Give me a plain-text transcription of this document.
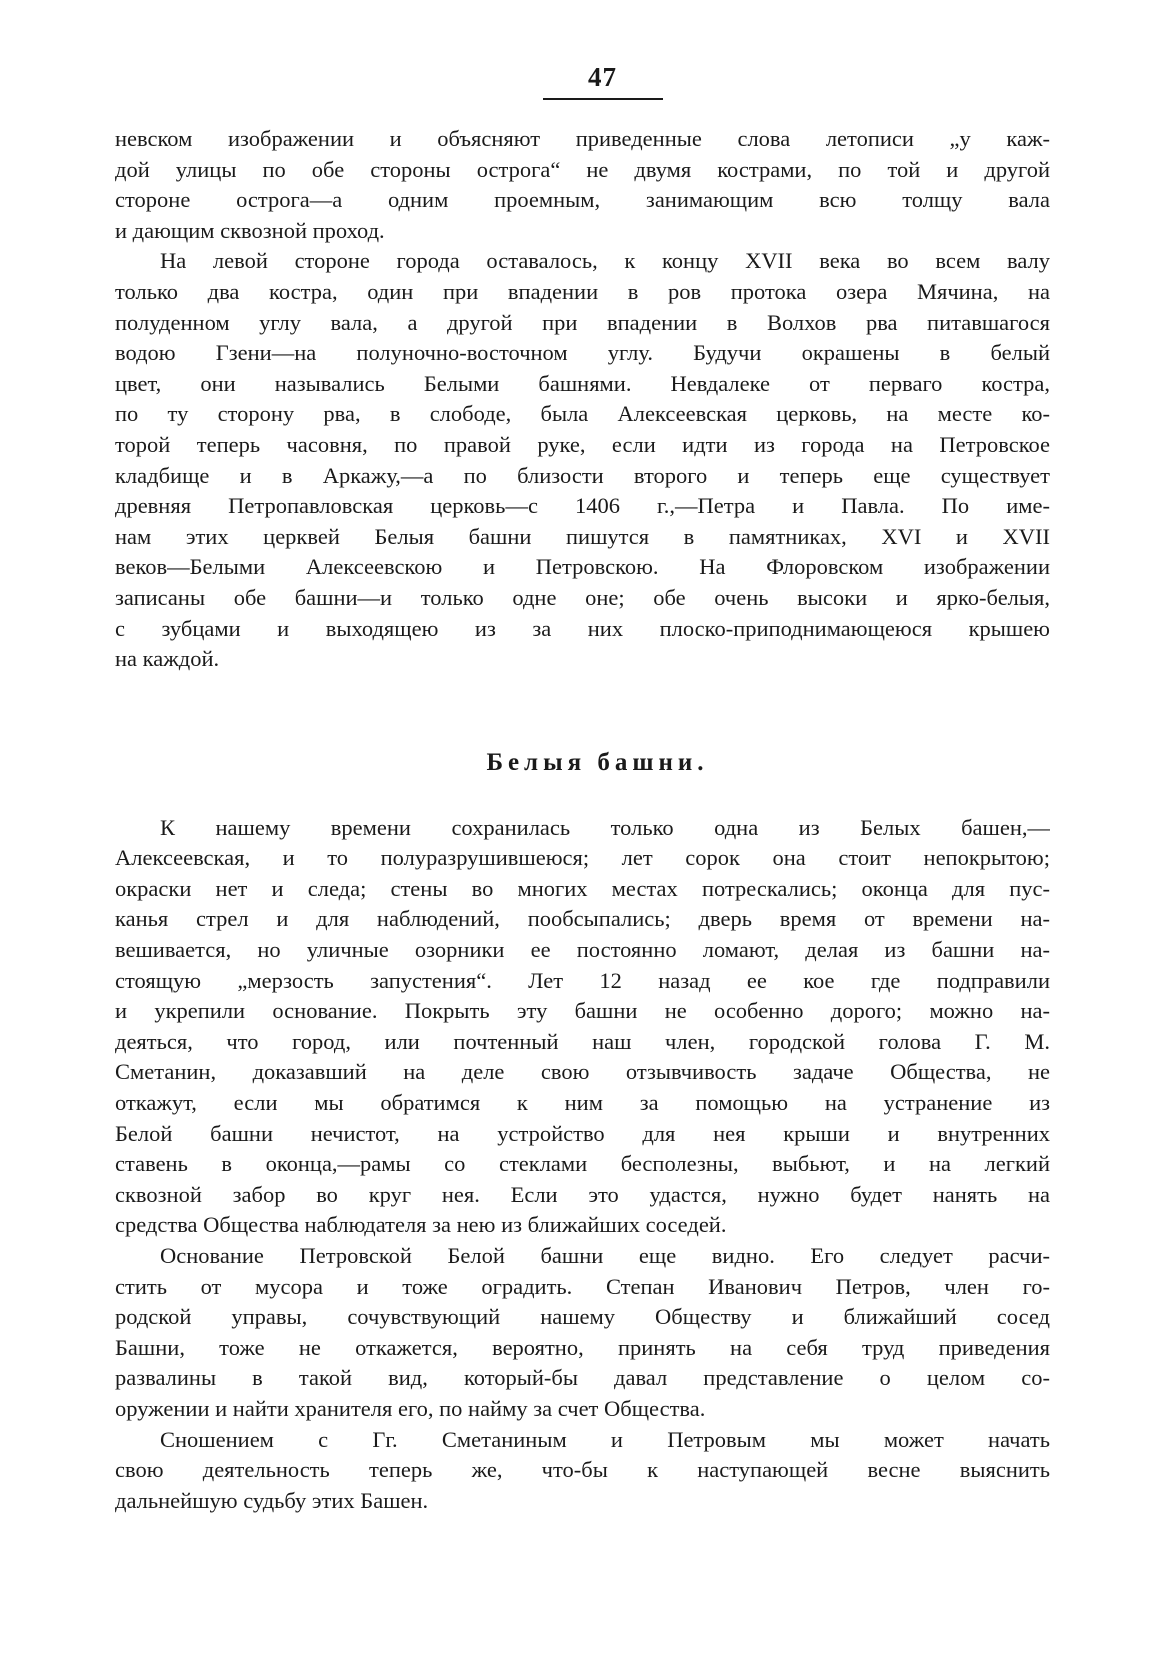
47
невском изображении и объясняют приведенные слова летописи „у каж-
дой улицы по обе стороны острога“ не двумя кострами, по той и другой
стороне острога—а одним проемным, занимающим всю толщу вала
и дающим сквозной проход.
На левой стороне города оставалось, к концу XVII века во всем валу
только два костра, один при впадении в ров протока озера Мячина, на
полуденном углу вала, а другой при впадении в Волхов рва питавшагося
водою Гзени—на полуночно-восточном углу. Будучи окрашены в белый
цвет, они назывались Белыми башнями. Невдалеке от перваго костра,
по ту сторону рва, в слободе, была Алексеевская церковь, на месте ко-
торой теперь часовня, по правой руке, если идти из города на Петровское
кладбище и в Аркажу,—а по близости второго и теперь еще существует
древняя Петропавловская церковь—с 1406 г.,—Петра и Павла. По име-
нам этих церквей Белыя башни пишутся в памятниках, XVI и XVII
веков—Белыми Алексеевскою и Петровскою. На Флоровском изображении
записаны обе башни—и только одне оне; обе очень высоки и ярко-белыя,
с зубцами и выходящею из за них плоско-приподнимающеюся крышею
на каждой.
Белыя башни.
К нашему времени сохранилась только одна из Белых башен,—
Алексеевская, и то полуразрушившеюся; лет сорок она стоит непокрытою;
окраски нет и следа; стены во многих местах потрескались; оконца для пус-
канья стрел и для наблюдений, пообсыпались; дверь время от времени на-
вешивается, но уличные озорники ее постоянно ломают, делая из башни на-
стоящую „мерзость запустения“. Лет 12 назад ее кое где подправили
и укрепили основание. Покрыть эту башни не особенно дорого; можно на-
деяться, что город, или почтенный наш член, городской голова Г. М.
Сметанин, доказавший на деле свою отзывчивость задаче Общества, не
откажут, если мы обратимся к ним за помощью на устранение из
Белой башни нечистот, на устройство для нея крыши и внутренних
ставень в оконца,—рамы со стеклами бесполезны, выбьют, и на легкий
сквозной забор во круг нея. Если это удастся, нужно будет нанять на
средства Общества наблюдателя за нею из ближайших соседей.
Основание Петровской Белой башни еще видно. Его следует расчи-
стить от мусора и тоже оградить. Степан Иванович Петров, член го-
родской управы, сочувствующий нашему Обществу и ближайший сосед
Башни, тоже не откажется, вероятно, принять на себя труд приведения
развалины в такой вид, который-бы давал представление о целом со-
оружении и найти хранителя его, по найму за счет Общества.
Сношением с Гг. Сметаниным и Петровым мы может начать
свою деятельность теперь же, что-бы к наступающей весне выяснить
дальнейшую судьбу этих Башен.
